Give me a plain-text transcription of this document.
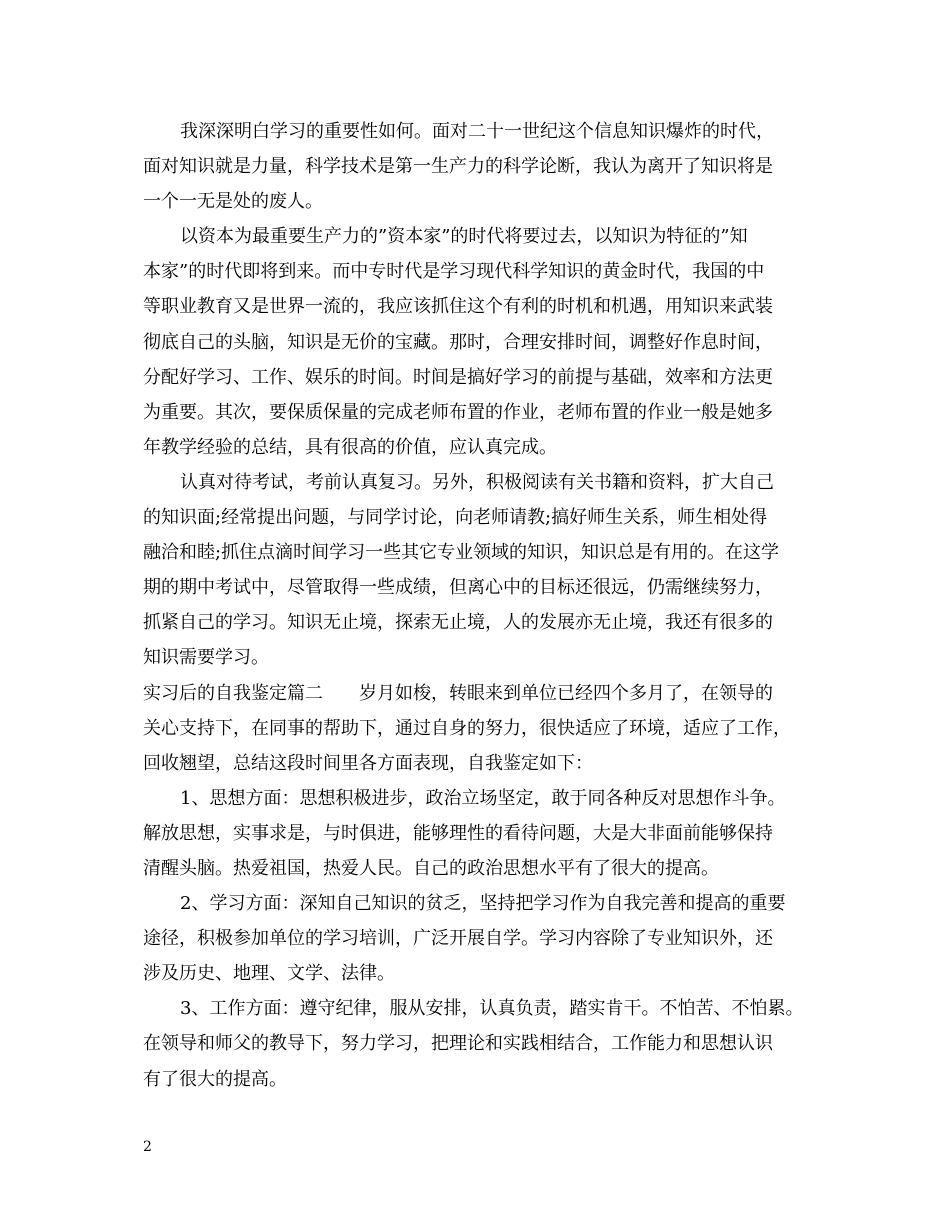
我深深明白学习的重要性如何。面对二十一世纪这个信息知识爆炸的时代，
面对知识就是力量，科学技术是第一生产力的科学论断，我认为离开了知识将是
一个一无是处的废人。
以资本为最重要生产力的”资本家”的时代将要过去，以知识为特征的”知
本家”的时代即将到来。而中专时代是学习现代科学知识的黄金时代，我国的中
等职业教育又是世界一流的，我应该抓住这个有利的时机和机遇，用知识来武装
彻底自己的头脑，知识是无价的宝藏。那时，合理安排时间，调整好作息时间，
分配好学习、工作、娱乐的时间。时间是搞好学习的前提与基础，效率和方法更
为重要。其次，要保质保量的完成老师布置的作业，老师布置的作业一般是她多
年教学经验的总结，具有很高的价值，应认真完成。
认真对待考试，考前认真复习。另外，积极阅读有关书籍和资料，扩大自己
的知识面;经常提出问题，与同学讨论，向老师请教;搞好师生关系，师生相处得
融洽和睦;抓住点滴时间学习一些其它专业领域的知识，知识总是有用的。在这学
期的期中考试中，尽管取得一些成绩，但离心中的目标还很远，仍需继续努力，
抓紧自己的学习。知识无止境，探索无止境，人的发展亦无止境，我还有很多的
知识需要学习。
实习后的自我鉴定篇二　　岁月如梭，转眼来到单位已经四个多月了，在领导的
关心支持下，在同事的帮助下，通过自身的努力，很快适应了环境，适应了工作，
回收翘望，总结这段时间里各方面表现，自我鉴定如下：
1、思想方面：思想积极进步，政治立场坚定，敢于同各种反对思想作斗争。
解放思想，实事求是，与时俱进，能够理性的看待问题，大是大非面前能够保持
清醒头脑。热爱祖国，热爱人民。自己的政治思想水平有了很大的提高。
2、学习方面：深知自己知识的贫乏，坚持把学习作为自我完善和提高的重要
途径，积极参加单位的学习培训，广泛开展自学。学习内容除了专业知识外，还
涉及历史、地理、文学、法律。
3、工作方面：遵守纪律，服从安排，认真负责，踏实肯干。不怕苦、不怕累。
在领导和师父的教导下，努力学习，把理论和实践相结合，工作能力和思想认识
有了很大的提高。
2
